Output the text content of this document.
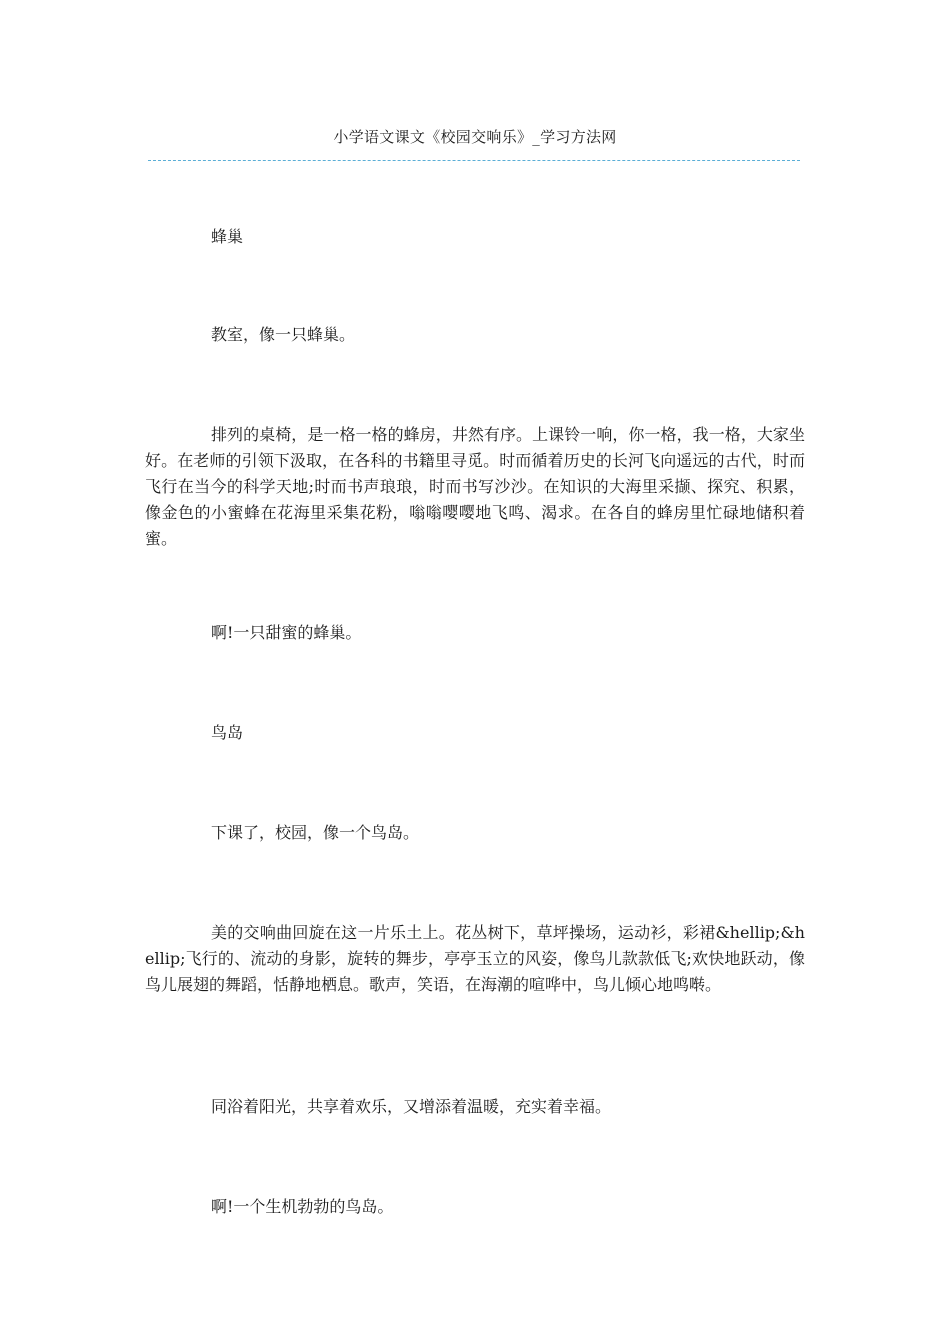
小学语文课文《校园交响乐》_学习方法网

蜂巢

教室，像一只蜂巢。

排列的桌椅，是一格一格的蜂房，井然有序。上课铃一响，你一格，我一格，大家坐好。在老师的引领下汲取，在各科的书籍里寻觅。时而循着历史的长河飞向遥远的古代，时而飞行在当今的科学天地;时而书声琅琅，时而书写沙沙。在知识的大海里采撷、探究、积累，像金色的小蜜蜂在花海里采集花粉，嗡嗡嘤嘤地飞鸣、渴求。在各自的蜂房里忙碌地储积着蜜。

啊!一只甜蜜的蜂巢。

鸟岛

下课了，校园，像一个鸟岛。

美的交响曲回旋在这一片乐土上。花丛树下，草坪操场，运动衫，彩裙&hellip;&hellip;飞行的、流动的身影，旋转的舞步，亭亭玉立的风姿，像鸟儿款款低飞;欢快地跃动，像鸟儿展翅的舞蹈，恬静地栖息。歌声，笑语，在海潮的喧哗中，鸟儿倾心地鸣啭。

同浴着阳光，共享着欢乐，又增添着温暖，充实着幸福。

啊!一个生机勃勃的鸟岛。
